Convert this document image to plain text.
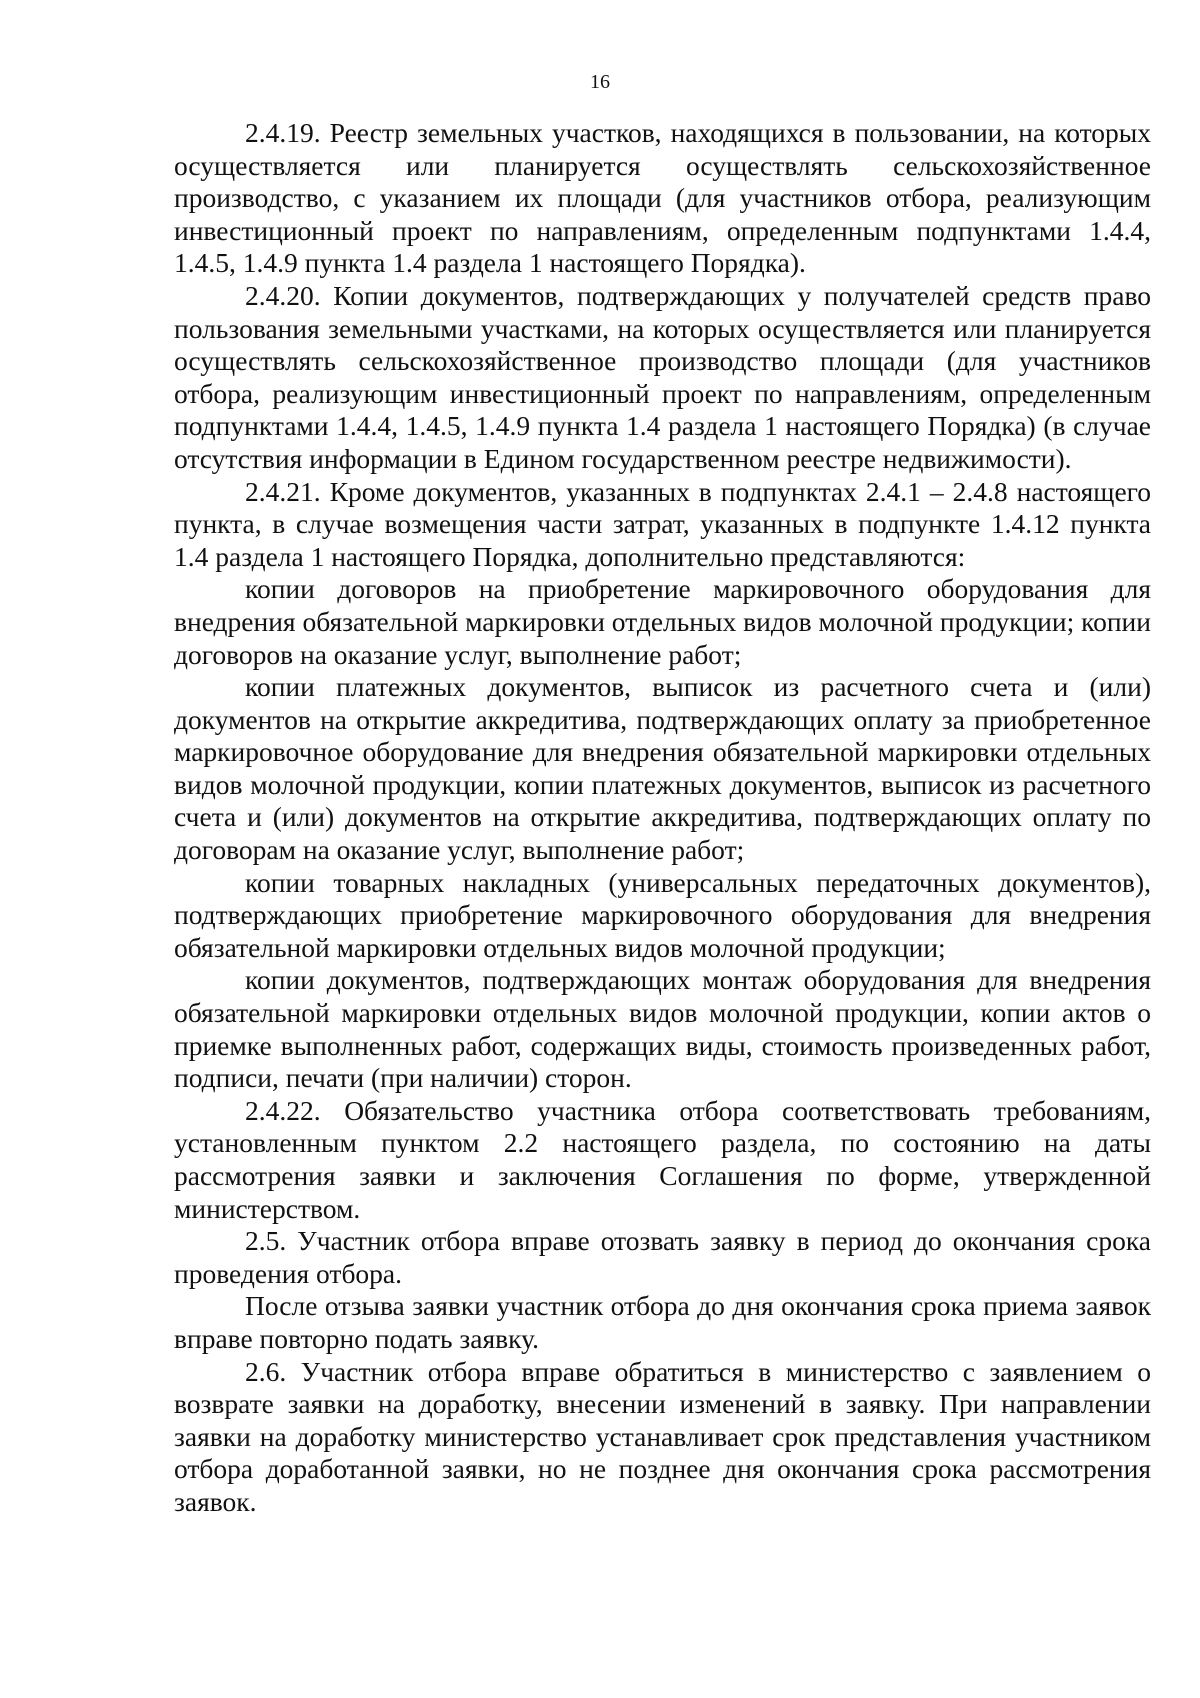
16

2.4.19. Реестр земельных участков, находящихся в пользовании, на которых осуществляется или планируется осуществлять сельскохозяйственное производство, с указанием их площади (для участников отбора, реализующим инвестиционный проект по направлениям, определенным подпунктами 1.4.4, 1.4.5, 1.4.9 пункта 1.4 раздела 1 настоящего Порядка).

2.4.20. Копии документов, подтверждающих у получателей средств право пользования земельными участками, на которых осуществляется или планируется осуществлять сельскохозяйственное производство площади (для участников отбора, реализующим инвестиционный проект по направлениям, определенным подпунктами 1.4.4, 1.4.5, 1.4.9 пункта 1.4 раздела 1 настоящего Порядка) (в случае отсутствия информации в Едином государственном реестре недвижимости).

2.4.21. Кроме документов, указанных в подпунктах 2.4.1 – 2.4.8 настоящего пункта, в случае возмещения части затрат, указанных в подпункте 1.4.12 пункта 1.4 раздела 1 настоящего Порядка, дополнительно представляются:

копии договоров на приобретение маркировочного оборудования для внедрения обязательной маркировки отдельных видов молочной продукции; копии договоров на оказание услуг, выполнение работ;

копии платежных документов, выписок из расчетного счета и (или) документов на открытие аккредитива, подтверждающих оплату за приобретенное маркировочное оборудование для внедрения обязательной маркировки отдельных видов молочной продукции, копии платежных документов, выписок из расчетного счета и (или) документов на открытие аккредитива, подтверждающих оплату по договорам на оказание услуг, выполнение работ;

копии товарных накладных (универсальных передаточных документов), подтверждающих приобретение маркировочного оборудования для внедрения обязательной маркировки отдельных видов молочной продукции;

копии документов, подтверждающих монтаж оборудования для внедрения обязательной маркировки отдельных видов молочной продукции, копии актов о приемке выполненных работ, содержащих виды, стоимость произведенных работ, подписи, печати (при наличии) сторон.

2.4.22. Обязательство участника отбора соответствовать требованиям, установленным пунктом 2.2 настоящего раздела, по состоянию на даты рассмотрения заявки и заключения Соглашения по форме, утвержденной министерством.

2.5. Участник отбора вправе отозвать заявку в период до окончания срока проведения отбора.

После отзыва заявки участник отбора до дня окончания срока приема заявок вправе повторно подать заявку.

2.6. Участник отбора вправе обратиться в министерство с заявлением о возврате заявки на доработку, внесении изменений в заявку. При направлении заявки на доработку министерство устанавливает срок представления участником отбора доработанной заявки, но не позднее дня окончания срока рассмотрения заявок.
